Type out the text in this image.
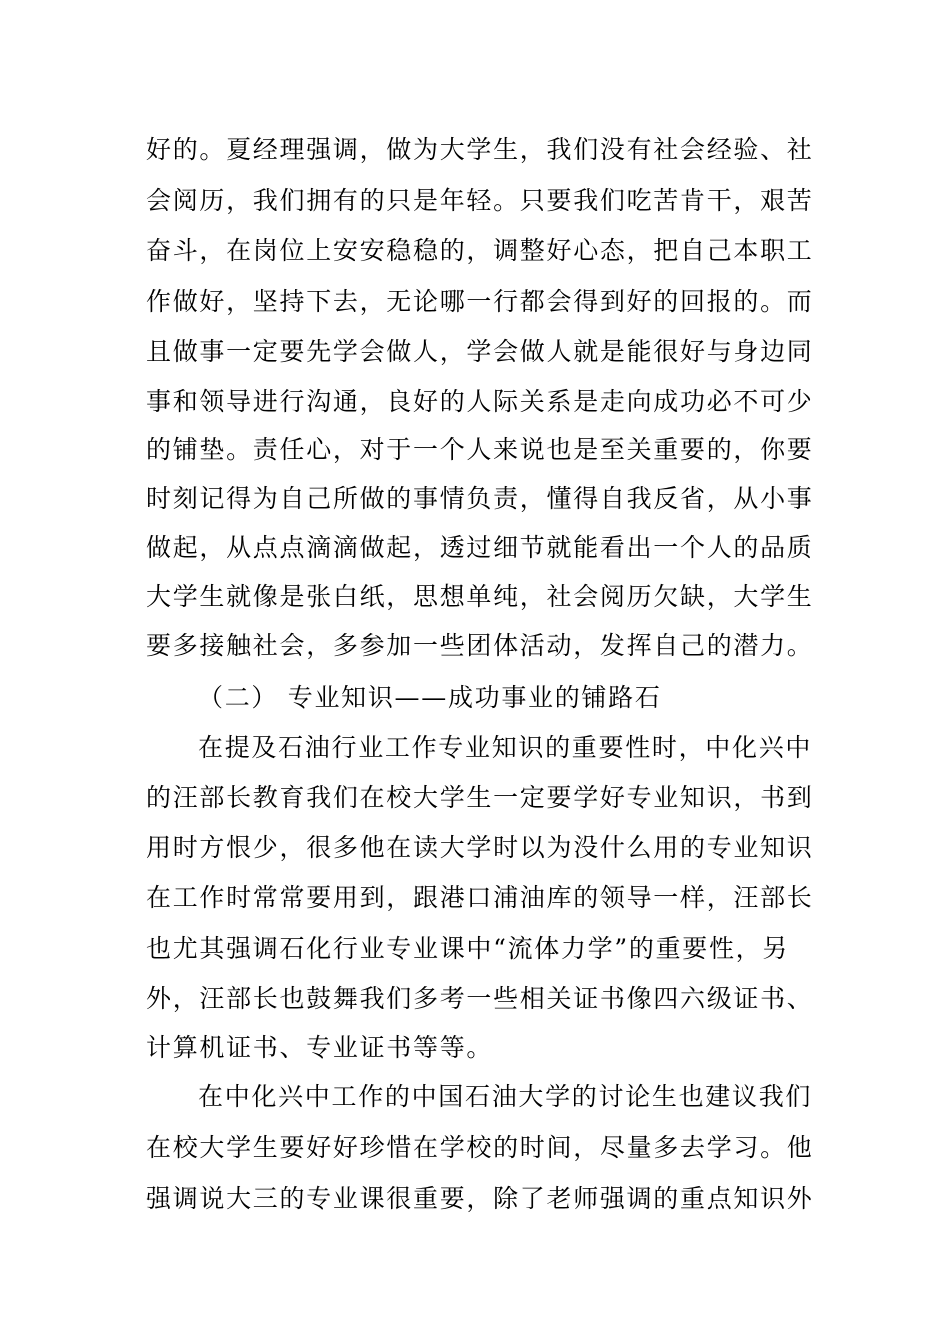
好的。夏经理强调，做为大学生，我们没有社会经验、社
会阅历，我们拥有的只是年轻。只要我们吃苦肯干，艰苦
奋斗，在岗位上安安稳稳的，调整好心态，把自己本职工
作做好，坚持下去，无论哪一行都会得到好的回报的。而
且做事一定要先学会做人，学会做人就是能很好与身边同
事和领导进行沟通，良好的人际关系是走向成功必不可少
的铺垫。责任心，对于一个人来说也是至关重要的，你要
时刻记得为自己所做的事情负责，懂得自我反省，从小事
做起，从点点滴滴做起，透过细节就能看出一个人的品质
大学生就像是张白纸，思想单纯，社会阅历欠缺，大学生
要多接触社会，多参加一些团体活动，发挥自己的潜力。
（二） 专业知识——成功事业的铺路石
在提及石油行业工作专业知识的重要性时，中化兴中
的汪部长教育我们在校大学生一定要学好专业知识，书到
用时方恨少，很多他在读大学时以为没什么用的专业知识
在工作时常常要用到，跟港口浦油库的领导一样，汪部长
也尤其强调石化行业专业课中“流体力学”的重要性，另
外，汪部长也鼓舞我们多考一些相关证书像四六级证书、
计算机证书、专业证书等等。
在中化兴中工作的中国石油大学的讨论生也建议我们
在校大学生要好好珍惜在学校的时间，尽量多去学习。他
强调说大三的专业课很重要，除了老师强调的重点知识外
